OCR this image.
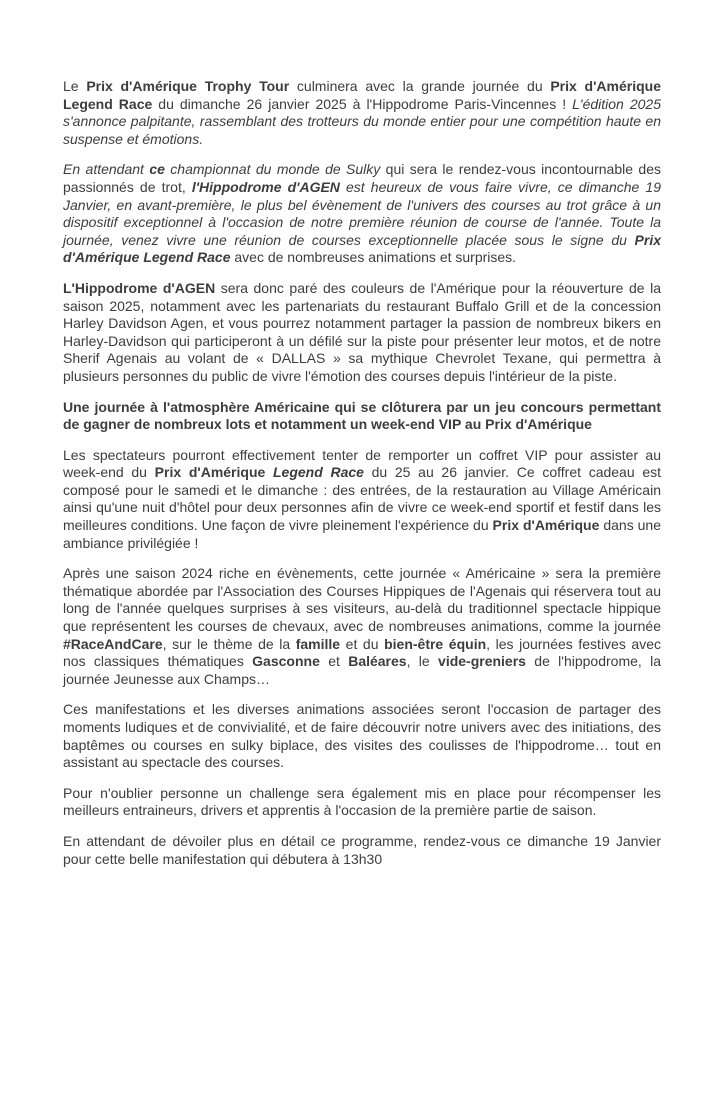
Le Prix d'Amérique Trophy Tour culminera avec la grande journée du Prix d'Amérique Legend Race du dimanche 26 janvier 2025 à l'Hippodrome Paris-Vincennes ! L'édition 2025 s'annonce palpitante, rassemblant des trotteurs du monde entier pour une compétition haute en suspense et émotions.

En attendant ce championnat du monde de Sulky qui sera le rendez-vous incontournable des passionnés de trot, l'Hippodrome d'AGEN est heureux de vous faire vivre, ce dimanche 19 Janvier, en avant-première, le plus bel évènement de l'univers des courses au trot grâce à un dispositif exceptionnel à l'occasion de notre première réunion de course de l'année. Toute la journée, venez vivre une réunion de courses exceptionnelle placée sous le signe du Prix d'Amérique Legend Race avec de nombreuses animations et surprises.

L'Hippodrome d'AGEN sera donc paré des couleurs de l'Amérique pour la réouverture de la saison 2025, notamment avec les partenariats du restaurant Buffalo Grill et de la concession Harley Davidson Agen, et vous pourrez notamment partager la passion de nombreux bikers en Harley-Davidson qui participeront à un défilé sur la piste pour présenter leur motos, et de notre Sherif Agenais au volant de « DALLAS » sa mythique Chevrolet Texane, qui permettra à plusieurs personnes du public de vivre l'émotion des courses depuis l'intérieur de la piste.

Une journée à l'atmosphère Américaine qui se clôturera par un jeu concours permettant de gagner de nombreux lots et notamment un week-end VIP au Prix d'Amérique

Les spectateurs pourront effectivement tenter de remporter un coffret VIP pour assister au week-end du Prix d'Amérique Legend Race du 25 au 26 janvier. Ce coffret cadeau est composé pour le samedi et le dimanche : des entrées, de la restauration au Village Américain ainsi qu'une nuit d'hôtel pour deux personnes afin de vivre ce week-end sportif et festif dans les meilleures conditions. Une façon de vivre pleinement l'expérience du Prix d'Amérique dans une ambiance privilégiée !

Après une saison 2024 riche en évènements, cette journée « Américaine » sera la première thématique abordée par l'Association des Courses Hippiques de l'Agenais qui réservera tout au long de l'année quelques surprises à ses visiteurs, au-delà du traditionnel spectacle hippique que représentent les courses de chevaux, avec de nombreuses animations, comme la journée #RaceAndCare, sur le thème de la famille et du bien-être équin, les journées festives avec nos classiques thématiques Gasconne et Baléares, le vide-greniers de l'hippodrome, la journée Jeunesse aux Champs…

Ces manifestations et les diverses animations associées seront l'occasion de partager des moments ludiques et de convivialité, et de faire découvrir notre univers avec des initiations, des baptêmes ou courses en sulky biplace, des visites des coulisses de l'hippodrome… tout en assistant au spectacle des courses.

Pour n'oublier personne un challenge sera également mis en place pour récompenser les meilleurs entraineurs, drivers et apprentis à l'occasion de la première partie de saison.

En attendant de dévoiler plus en détail ce programme, rendez-vous ce dimanche 19 Janvier pour cette belle manifestation qui débutera à 13h30
